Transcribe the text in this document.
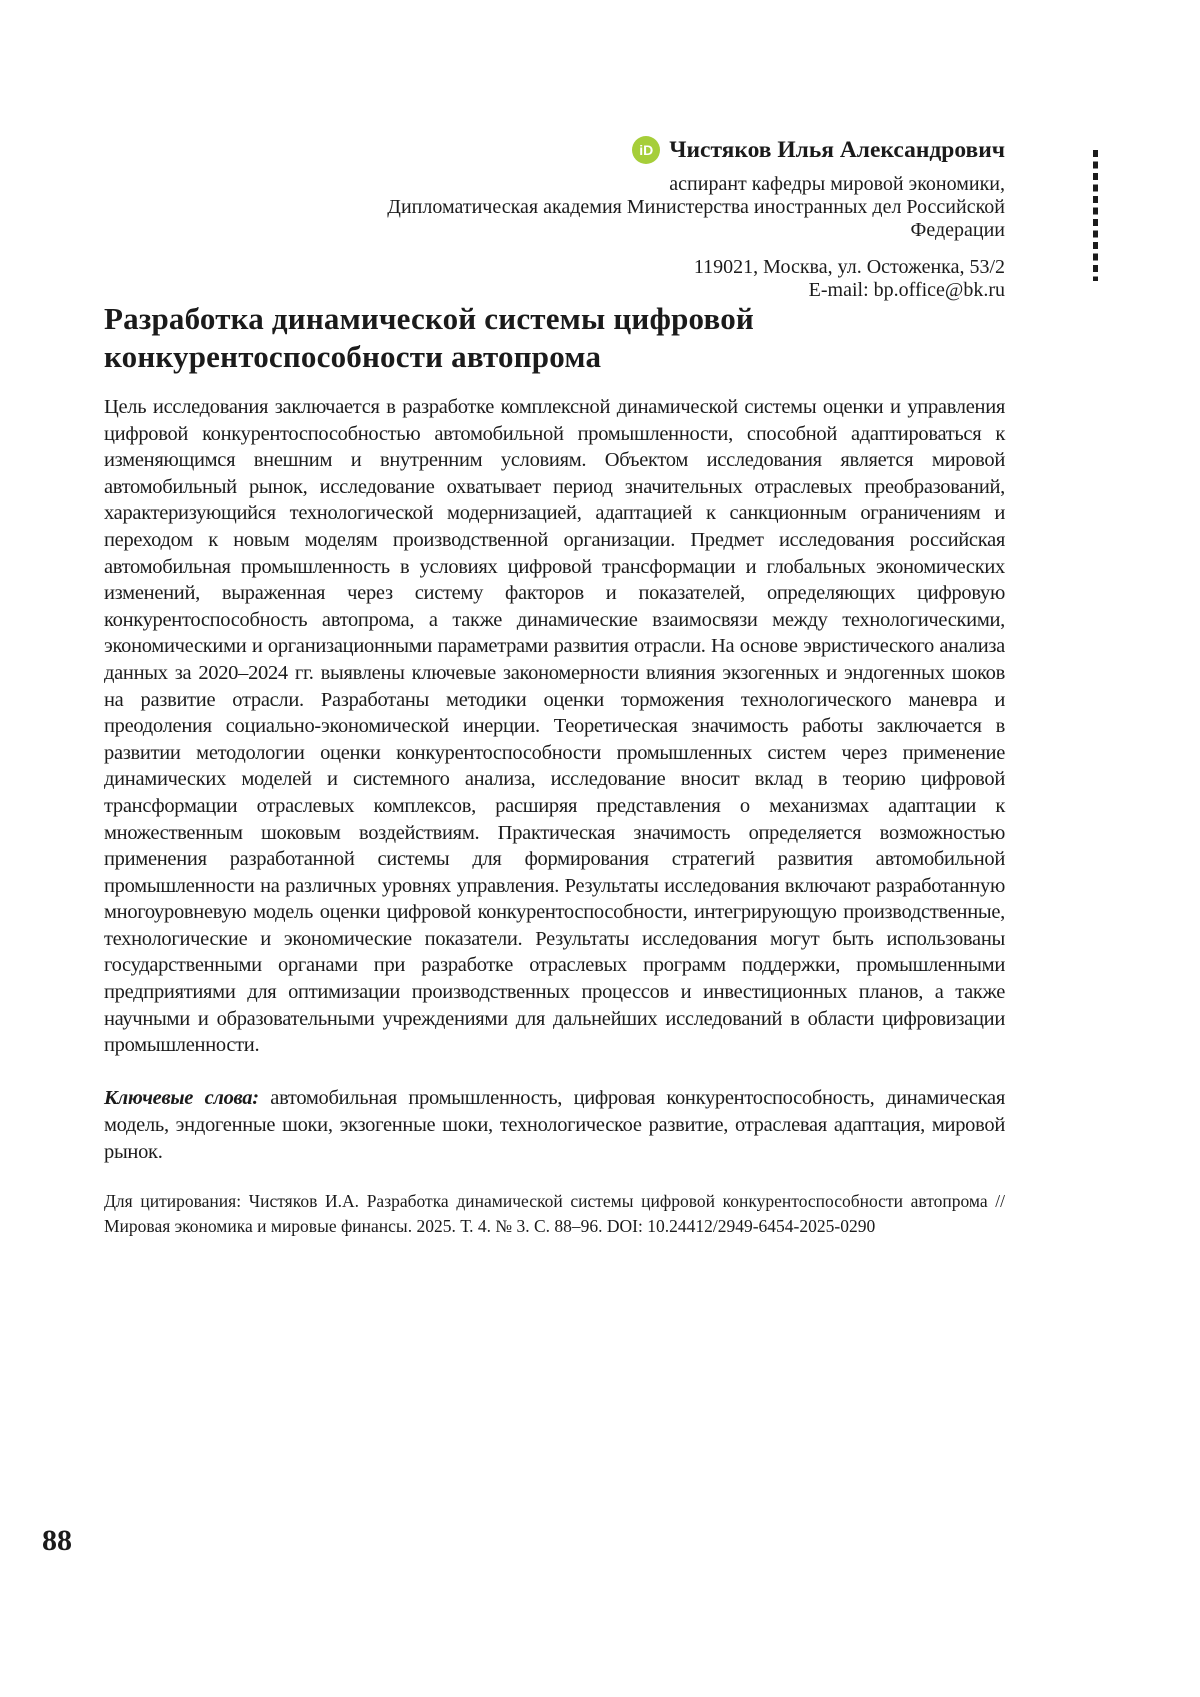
iD Чистяков Илья Александрович

аспирант кафедры мировой экономики,

Дипломатическая академия Министерства иностранных дел Российской Федерации

119021, Москва, ул. Остоженка, 53/2

E-mail: bp.office@bk.ru

Разработка динамической системы цифровой
конкурентоспособности автопрома

Цель исследования заключается в разработке комплексной динамической системы оценки и управления цифровой конкурентоспособностью автомобильной промышленности, способной адаптироваться к изменяющимся внешним и внутренним условиям. Объектом исследования является мировой автомобильный рынок, исследование охватывает период значительных отраслевых преобразований, характеризующийся технологической модернизацией, адаптацией к санкционным ограничениям и переходом к новым моделям производственной организации. Предмет исследования российская автомобильная промышленность в условиях цифровой трансформации и глобальных экономических изменений, выраженная через систему факторов и показателей, определяющих цифровую конкурентоспособность автопрома, а также динамические взаимосвязи между технологическими, экономическими и организационными параметрами развития отрасли. На основе эвристического анализа данных за 2020–2024 гг. выявлены ключевые закономерности влияния экзогенных и эндогенных шоков на развитие отрасли. Разработаны методики оценки торможения технологического маневра и преодоления социально-экономической инерции. Теоретическая значимость работы заключается в развитии методологии оценки конкурентоспособности промышленных систем через применение динамических моделей и системного анализа, исследование вносит вклад в теорию цифровой трансформации отраслевых комплексов, расширяя представления о механизмах адаптации к множественным шоковым воздействиям. Практическая значимость определяется возможностью применения разработанной системы для формирования стратегий развития автомобильной промышленности на различных уровнях управления. Результаты исследования включают разработанную многоуровневую модель оценки цифровой конкурентоспособности, интегрирующую производственные, технологические и экономические показатели. Результаты исследования могут быть использованы государственными органами при разработке отраслевых программ поддержки, промышленными предприятиями для оптимизации производственных процессов и инвестиционных планов, а также научными и образовательными учреждениями для дальнейших исследований в области цифровизации промышленности.

Ключевые слова: автомобильная промышленность, цифровая конкурентоспособность, динамическая модель, эндогенные шоки, экзогенные шоки, технологическое развитие, отраслевая адаптация, мировой рынок.

Для цитирования: Чистяков И.А. Разработка динамической системы цифровой конкурентоспособности автопрома // Мировая экономика и мировые финансы. 2025. Т. 4. № 3. С. 88–96. DOI: 10.24412/2949-6454-2025-0290

88
